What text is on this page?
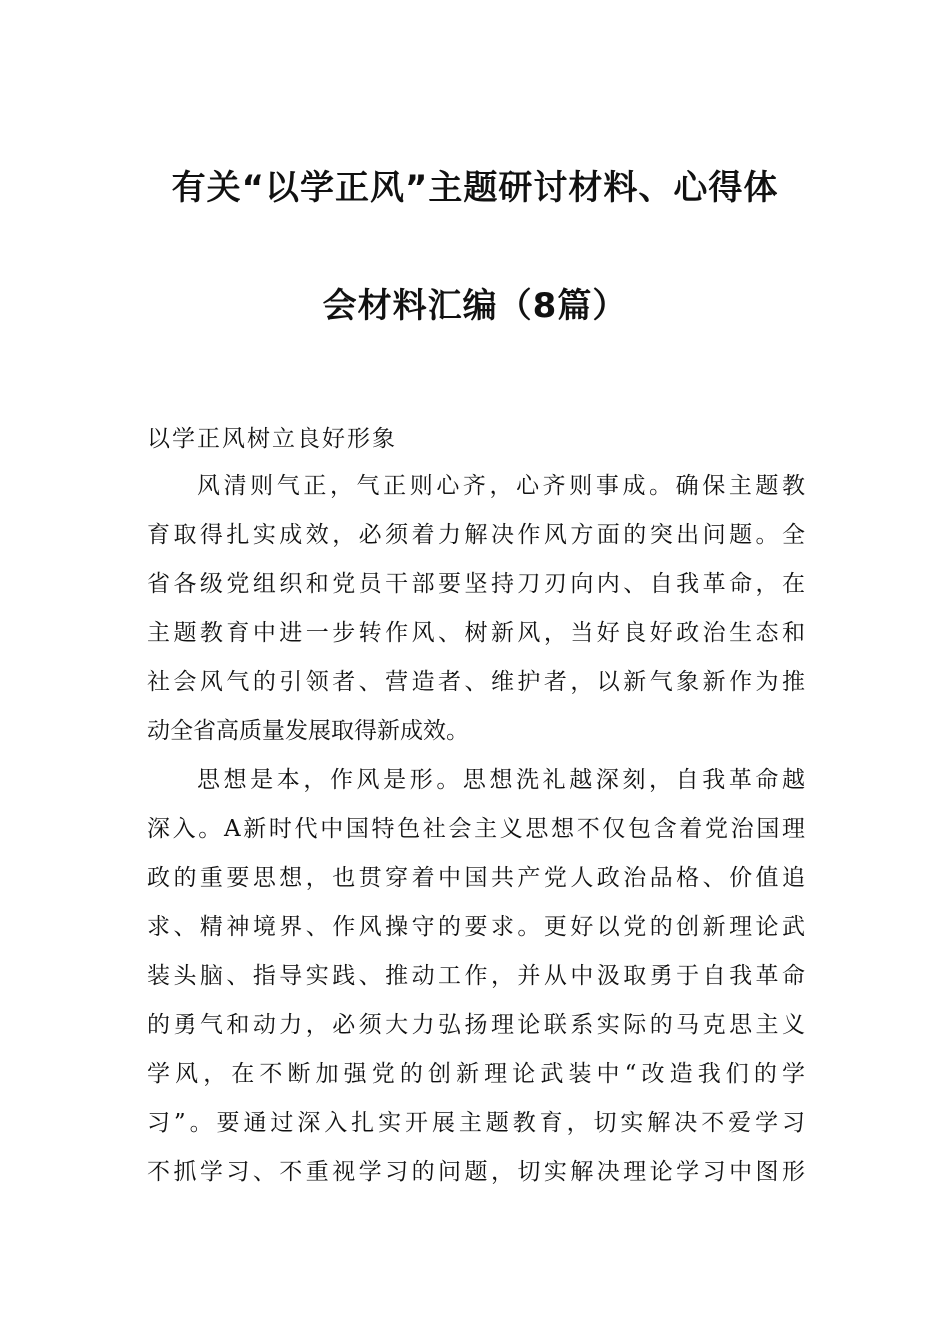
有关“以学正风”主题研讨材料、心得体
会材料汇编（8篇）
以学正风树立良好形象
风清则气正，气正则心齐，心齐则事成。确保主题教
育取得扎实成效，必须着力解决作风方面的突出问题。全
省各级党组织和党员干部要坚持刀刃向内、自我革命，在
主题教育中进一步转作风、树新风，当好良好政治生态和
社会风气的引领者、营造者、维护者，以新气象新作为推
动全省高质量发展取得新成效。
思想是本，作风是形。思想洗礼越深刻，自我革命越
深入。A新时代中国特色社会主义思想不仅包含着党治国理
政的重要思想，也贯穿着中国共产党人政治品格、价值追
求、精神境界、作风操守的要求。更好以党的创新理论武
装头脑、指导实践、推动工作，并从中汲取勇于自我革命
的勇气和动力，必须大力弘扬理论联系实际的马克思主义
学风，在不断加强党的创新理论武装中“改造我们的学
习”。要通过深入扎实开展主题教育，切实解决不爱学习
不抓学习、不重视学习的问题，切实解决理论学习中图形
